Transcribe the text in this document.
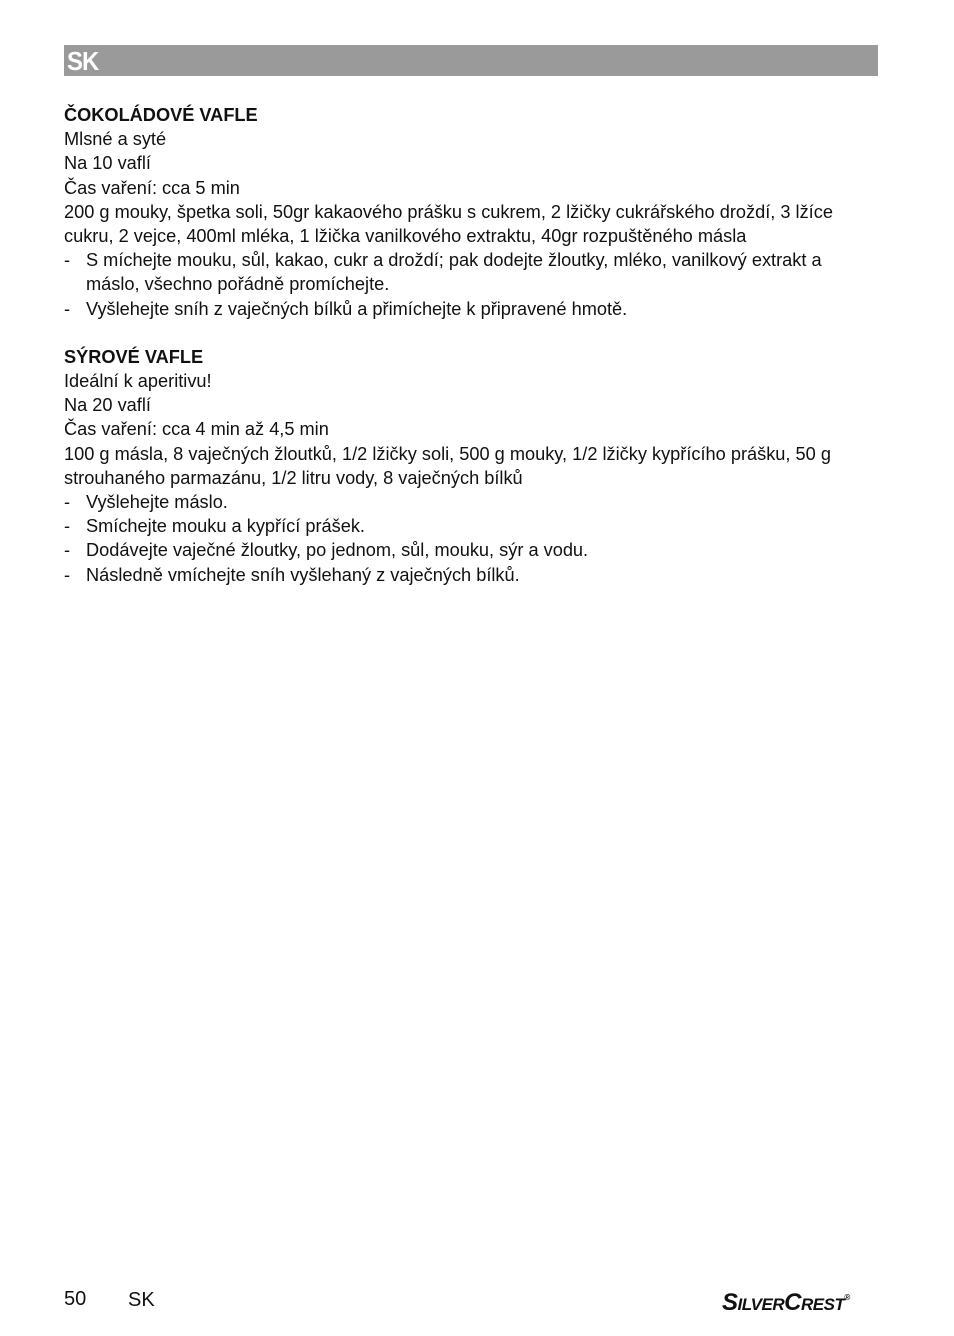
SK
ČOKOLÁDOVÉ VAFLE
Mlsné a syté
Na 10 vaflí
Čas vaření: cca 5 min
200 g mouky, špetka soli, 50gr kakaového prášku s cukrem, 2 lžičky cukrářského droždí, 3 lžíce cukru, 2 vejce, 400ml mléka, 1 lžička vanilkového extraktu, 40gr rozpuštěného másla
- S míchejte mouku, sůl, kakao, cukr a droždí; pak dodejte žloutky, mléko, vanilkový extrakt a máslo, všechno pořádně promíchejte.
- Vyšlehejte sníh z vaječných bílků a přimíchejte k připravené hmotě.
SÝROVÉ VAFLE
Ideální k aperitivu!
Na 20 vaflí
Čas vaření: cca 4 min až 4,5 min
100 g másla, 8 vaječných žloutků, 1/2 lžičky soli, 500 g mouky, 1/2 lžičky kypřícího prášku, 50 g strouhaného parmazánu, 1/2 litru vody, 8 vaječných bílků
- Vyšlehejte máslo.
- Smíchejte mouku a kypřící prášek.
- Dodávejte vaječné žloutky, po jednom, sůl, mouku, sýr a vodu.
- Následně vmíchejte sníh vyšlehaný z vaječných bílků.
50 SK	SILVERCREST®
